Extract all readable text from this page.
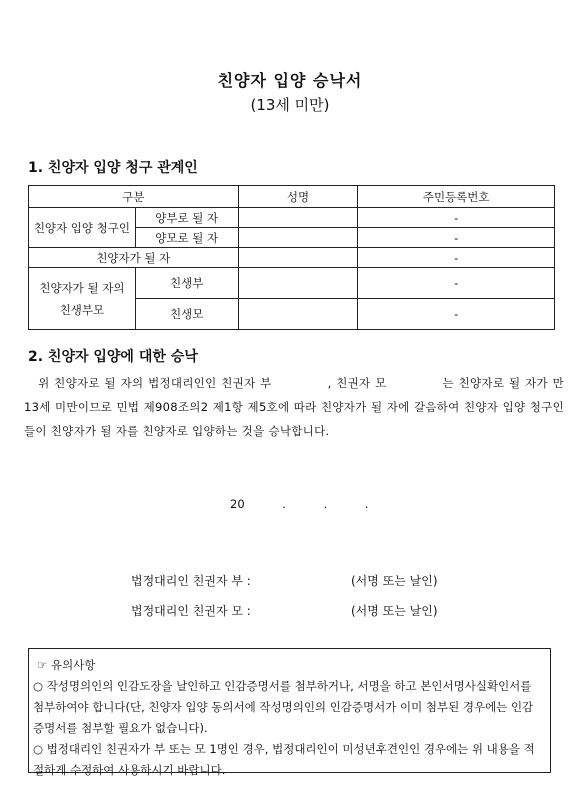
친양자 입양 승낙서
(13세 미만)
1. 친양자 입양 청구 관계인
구분		성명	주민등록번호
친양자 입양 청구인	양부로 될 자		-
	양모로 될 자		-
친양자가 될 자			-
친양자가 될 자의 친생부모	친생부		-
	친생모		-
2. 친양자 입양에 대한 승낙
위 친양자로 될 자의 법정대리인인 친권자 부	, 친권자 모	는 친양자로 될 자가 만 13세 미만이므로 민법 제908조의2 제1항 제5호에 따라 친양자가 될 자에 갈음하여 친양자 입양 청구인들이 친양자가 될 자를 친양자로 입양하는 것을 승낙합니다.
20	.	.	.
법정대리인 친권자 부 :	(서명 또는 날인)
법정대리인 친권자 모 :	(서명 또는 날인)
☞ 유의사항

○ 작성명의인의 인감도장을 날인하고 인감증명서를 첨부하거나, 서명을 하고 본인서명사실확인서를 첨부하여야 합니다(단, 친양자 입양 동의서에 작성명의인의 인감증명서가 이미 첨부된 경우에는 인감증명서를 첨부할 필요가 없습니다).

○ 법정대리인 친권자가 부 또는 모 1명인 경우, 법정대리인이 미성년후견인인 경우에는 위 내용을 적절하게 수정하여 사용하시기 바랍니다.
